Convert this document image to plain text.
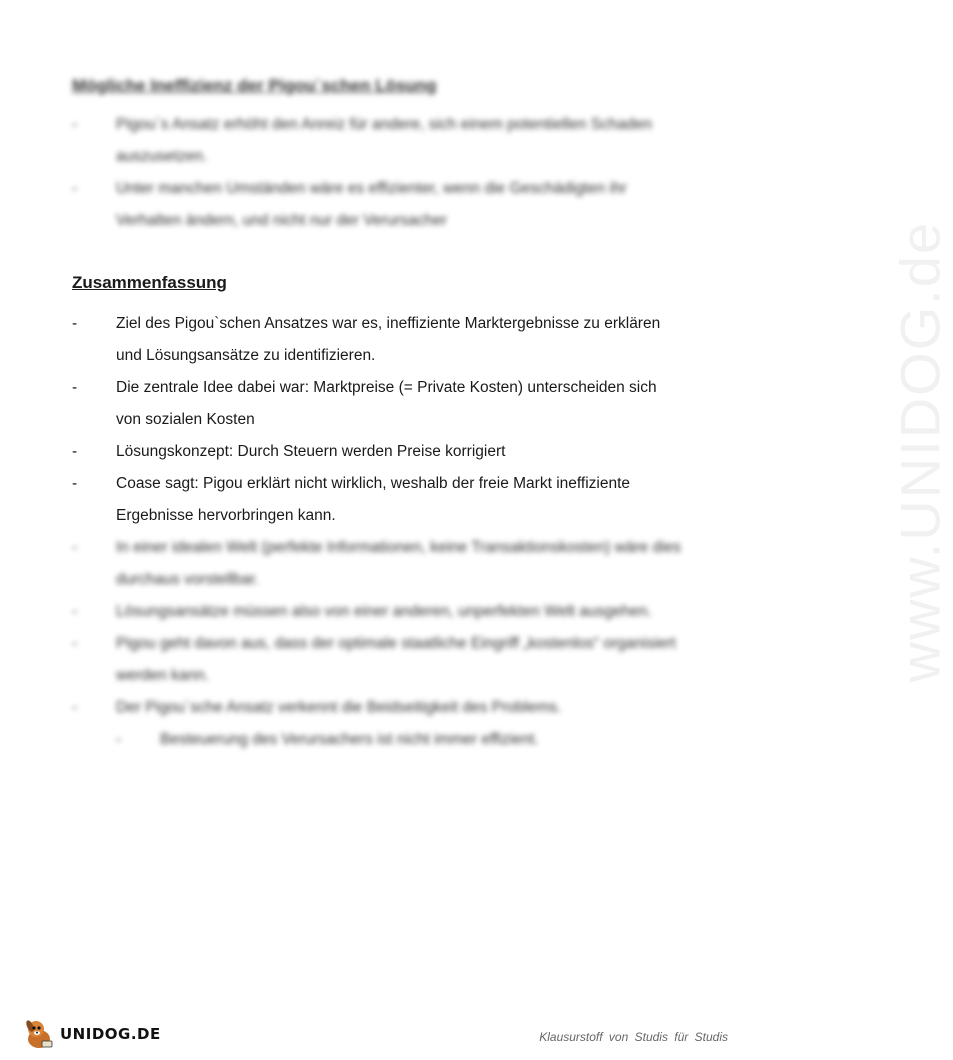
www.UNIDOG.de
Mögliche Ineffizienz der Pigou`schen Lösung
-	Pigou`s Ansatz erhöht den Anreiz für andere, sich einem potentiellen Schaden auszusetzen.
-	Unter manchen Umständen wäre es effizienter, wenn die Geschädigten ihr Verhalten ändern, und nicht nur der Verursacher
Zusammenfassung
-	Ziel des Pigou`schen Ansatzes war es, ineffiziente Marktergebnisse zu erklären und Lösungsansätze zu identifizieren.
-	Die zentrale Idee dabei war: Marktpreise (= Private Kosten) unterscheiden sich von sozialen Kosten
-	Lösungskonzept: Durch Steuern werden Preise korrigiert
-	Coase sagt: Pigou erklärt nicht wirklich, weshalb der freie Markt ineffiziente Ergebnisse hervorbringen kann.
-	In einer idealen Welt (perfekte Informationen, keine Transaktionskosten) wäre dies durchaus vorstellbar.
-	Lösungsansätze müssen also von einer anderen, unperfekten Welt ausgehen.
-	Pigou geht davon aus, dass der optimale staatliche Eingriff „kostenlos“ organisiert werden kann.
-	Der Pigou`sche Ansatz verkennt die Beidseitigkeit des Problems.
-	Besteuerung des Verursachers ist nicht immer effizient.
UNIDOG.DE	Klausurstoff von Studis für Studis
